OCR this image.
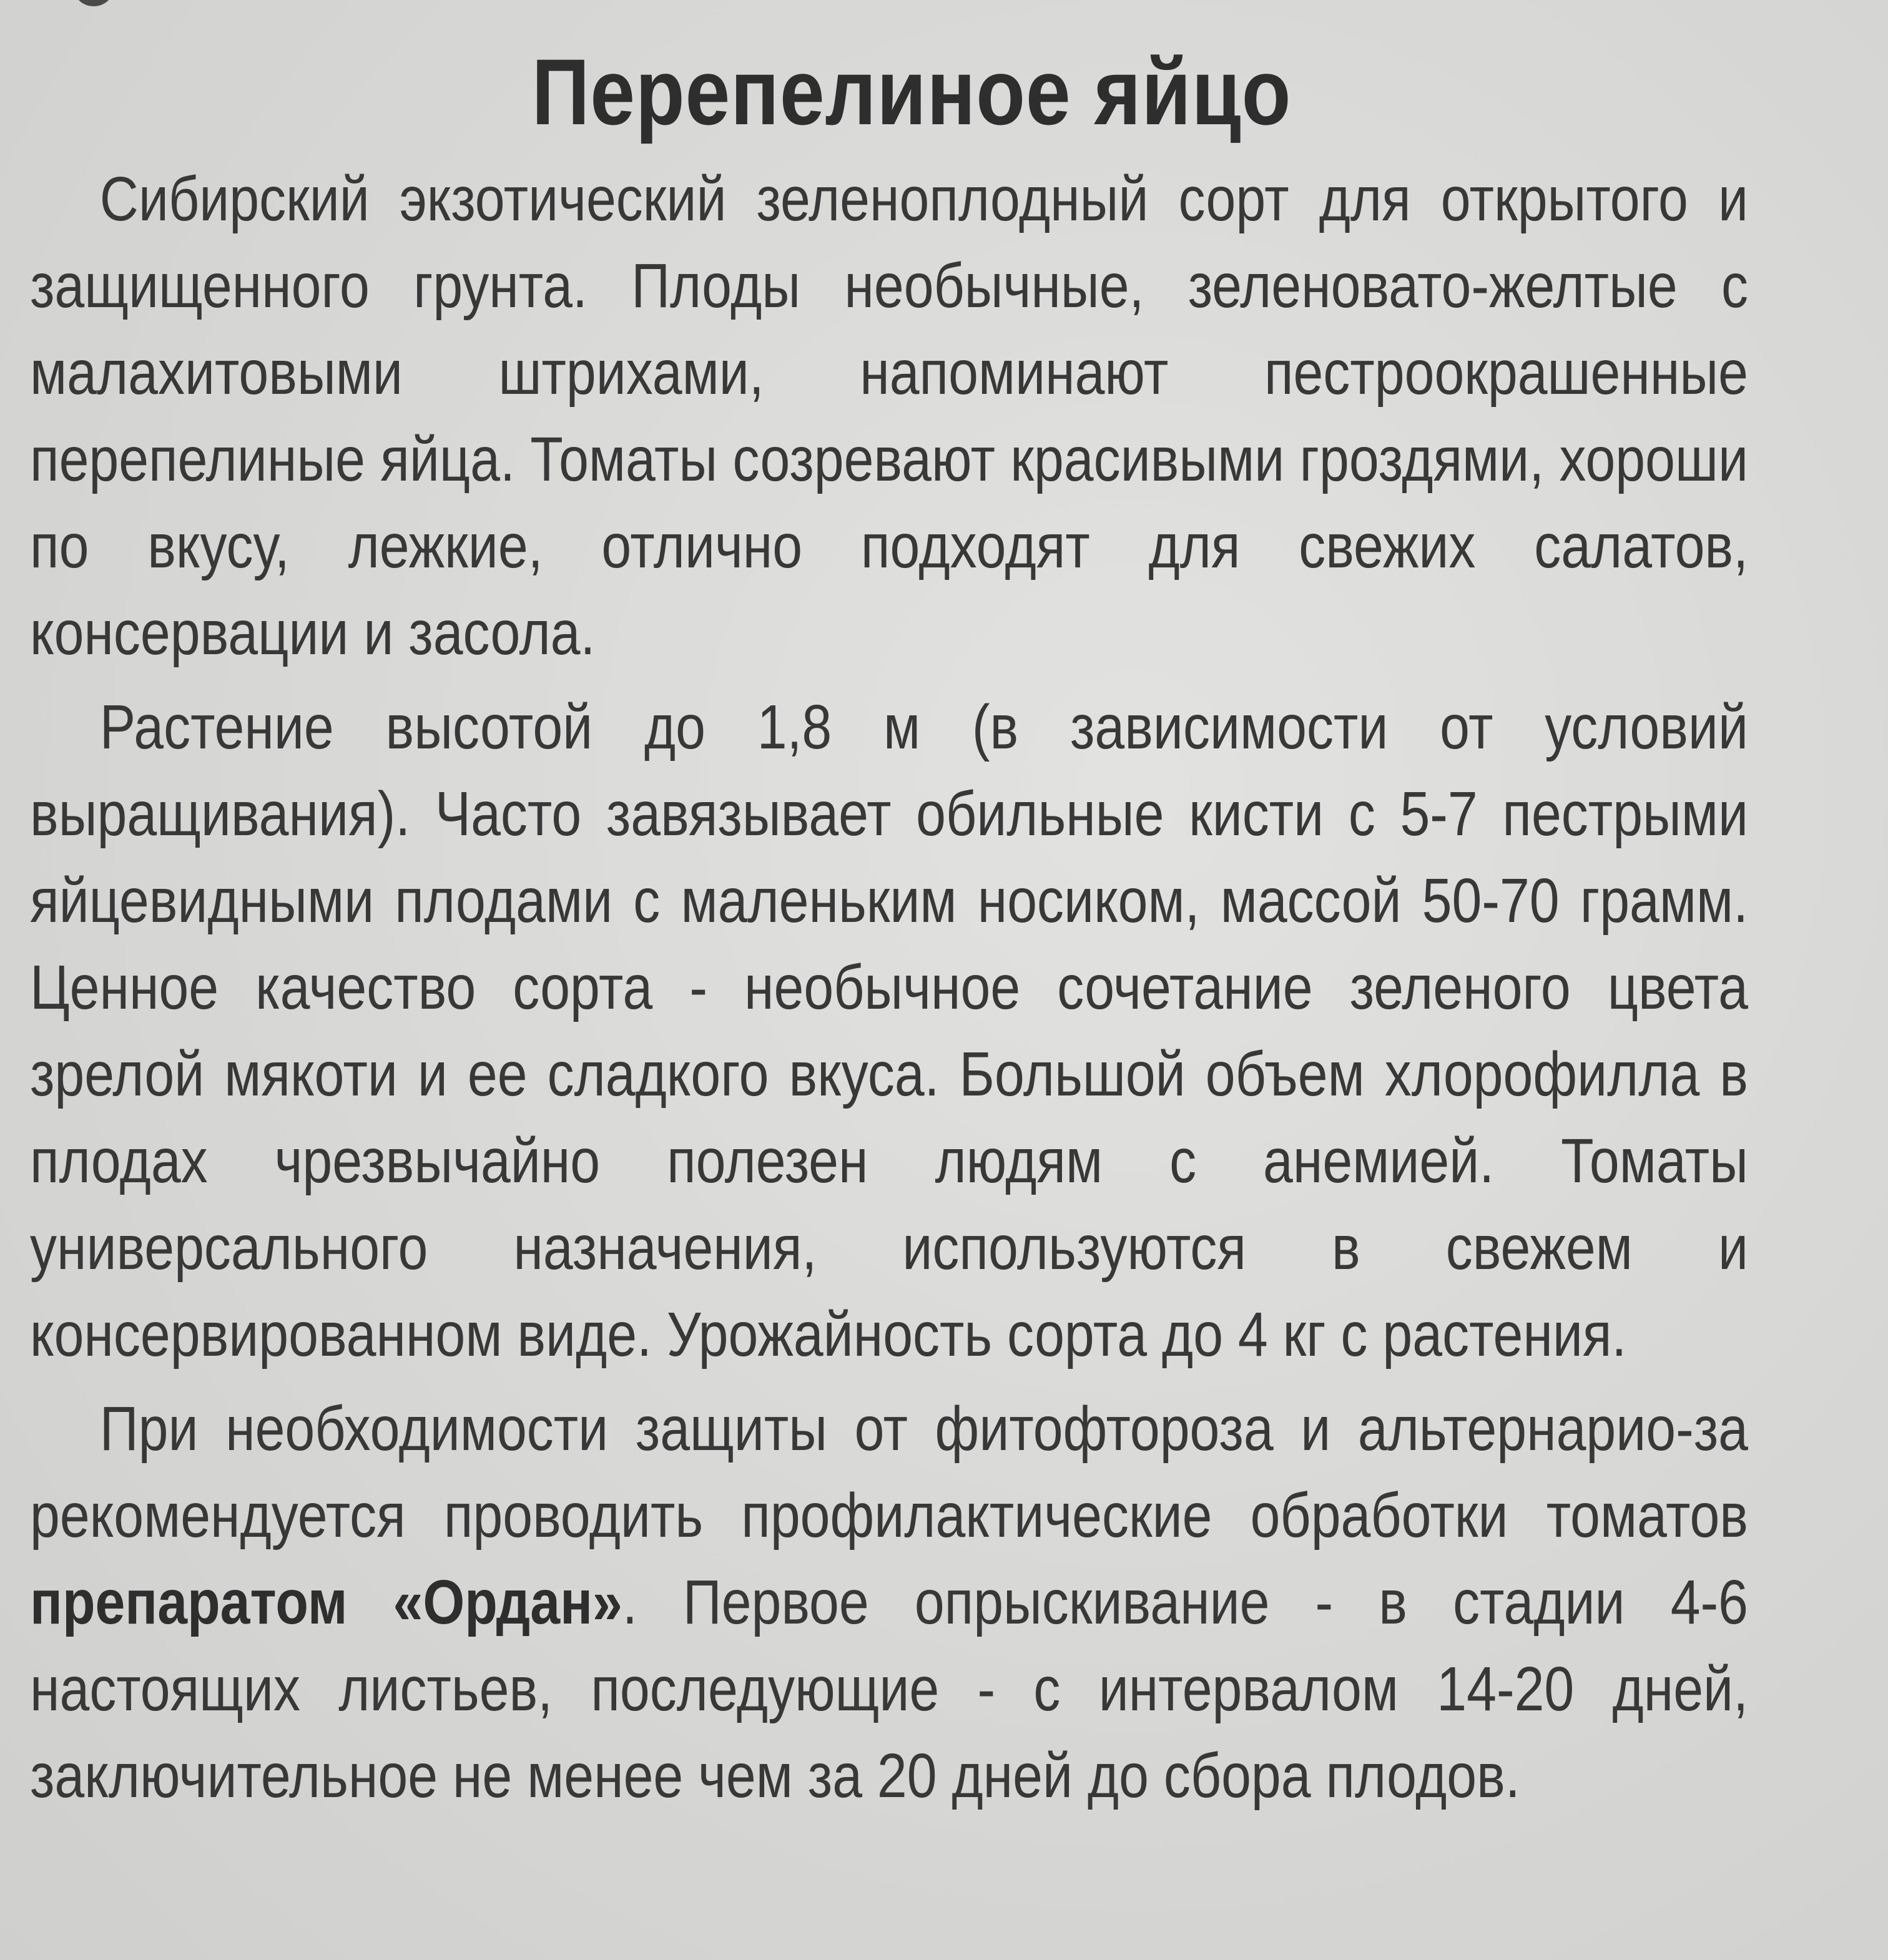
Перепелиное яйцо

Сибирский экзотический зеленоплодный сорт для открытого и защищенного грунта. Плоды необычные, зеленовато-желтые с малахитовыми штрихами, напоминают пестроокрашенные перепелиные яйца. Томаты созревают красивыми гроздями, хороши по вкусу, лежкие, отлично подходят для свежих салатов, консервации и засола.

Растение высотой до 1,8 м (в зависимости от условий выращивания). Часто завязывает обильные кисти с 5-7 пестрыми яйцевидными плодами с маленьким носиком, массой 50-70 грамм. Ценное качество сорта - необычное сочетание зеленого цвета зрелой мякоти и ее сладкого вкуса. Большой объем хлорофилла в плодах чрезвычайно полезен людям с анемией. Томаты универсального назначения, используются в свежем и консервированном виде. Урожайность сорта до 4 кг с растения.

При необходимости защиты от фитофтороза и альтернарио-за рекомендуется проводить профилактические обработки томатов препаратом «Ордан». Первое опрыскивание - в стадии 4-6 настоящих листьев, последующие - с интервалом 14-20 дней, заключительное не менее чем за 20 дней до сбора плодов.
